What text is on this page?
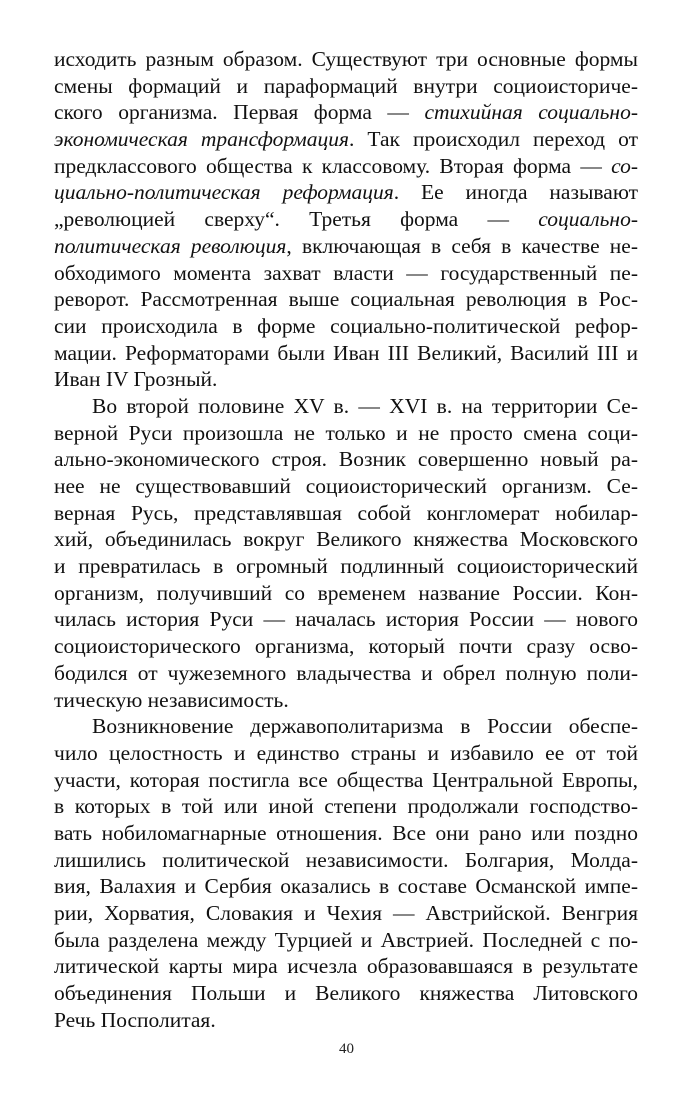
исходить разным образом. Существуют три основные формы
смены формаций и параформаций внутри социоисториче-
ского организма. Первая форма — стихийная социально-
экономическая трансформация. Так происходил переход от
предклассового общества к классовому. Вторая форма — со-
циально-политическая реформация. Ее иногда называют
„революцией сверху“. Третья форма — социально-
политическая революция, включающая в себя в качестве не-
обходимого момента захват власти — государственный пе-
реворот. Рассмотренная выше социальная революция в Рос-
сии происходила в форме социально-политической рефор-
мации. Реформаторами были Иван III Великий, Василий III и
Иван IV Грозный.
Во второй половине XV в. — XVI в. на территории Се-
верной Руси произошла не только и не просто смена соци-
ально-экономического строя. Возник совершенно новый ра-
нее не существовавший социоисторический организм. Се-
верная Русь, представлявшая собой конгломерат нобилар-
хий, объединилась вокруг Великого княжества Московского
и превратилась в огромный подлинный социоисторический
организм, получивший со временем название России. Кон-
чилась история Руси — началась история России — нового
социоисторического организма, который почти сразу осво-
бодился от чужеземного владычества и обрел полную поли-
тическую независимость.
Возникновение державополитаризма в России обеспе-
чило целостность и единство страны и избавило ее от той
участи, которая постигла все общества Центральной Европы,
в которых в той или иной степени продолжали господство-
вать нобиломагнарные отношения. Все они рано или поздно
лишились политической независимости. Болгария, Молда-
вия, Валахия и Сербия оказались в составе Османской импе-
рии, Хорватия, Словакия и Чехия — Австрийской. Венгрия
была разделена между Турцией и Австрией. Последней с по-
литической карты мира исчезла образовавшаяся в результате
объединения Польши и Великого княжества Литовского
Речь Посполитая.
40
